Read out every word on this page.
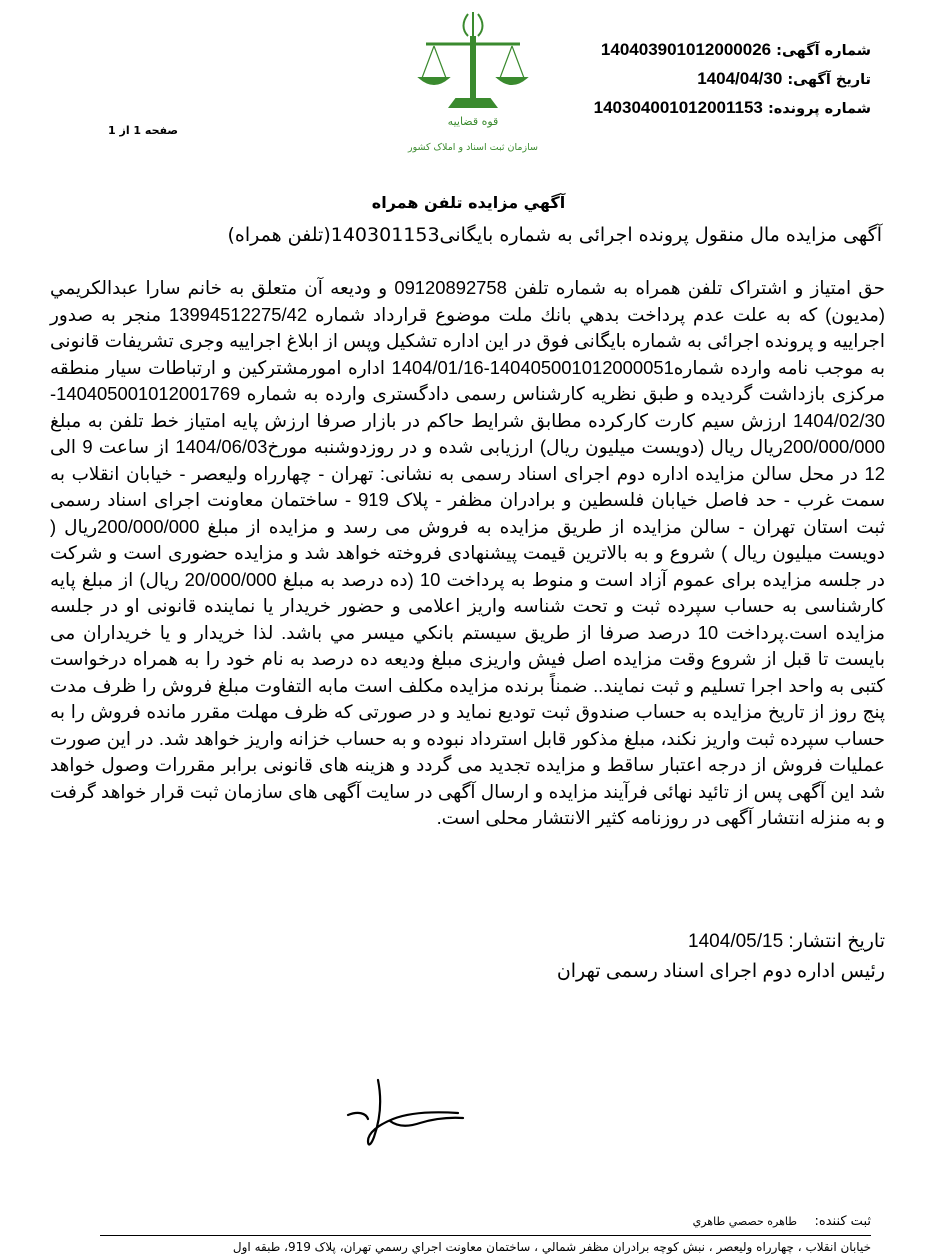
شماره آگهی: 140403901012000026
تاریخ آگهی: 1404/04/30
شماره پرونده: 140304001012001153
صفحه 1 از 1
قوه قضاییه
سازمان ثبت اسناد و املاک کشور
آگهي مزايده تلفن همراه
آگهی مزایده مال منقول پرونده اجرائی به شماره بایگانی140301153(تلفن همراه)
حق امتیاز و اشتراک تلفن همراه به شماره تلفن 09120892758 و ودیعه آن متعلق به خانم سارا عبدالکريمي (مدیون) که به علت عدم پرداخت بدهي بانك ملت موضوع قرارداد شماره 13994512275/42 منجر به صدور اجراییه و پرونده اجرائی به شماره بایگانی فوق در این اداره تشکیل وپس از ابلاغ اجراییه وجری تشریفات قانونی به موجب نامه وارده شماره140405001012000051-1404/01/16 اداره امورمشترکین و ارتباطات سیار منطقه مرکزی بازداشت گردیده و طبق نظریه کارشناس رسمی دادگستری وارده به شماره 140405001012001769-1404/02/30 ارزش سیم کارت کارکرده مطابق شرایط حاکم در بازار صرفا ارزش پایه امتیاز خط تلفن به مبلغ 200/000/000ریال ریال (دویست میلیون ریال) ارزیابی شده و در روزدوشنبه مورخ1404/06/03 از ساعت 9 الی 12 در محل سالن مزایده اداره دوم اجرای اسناد رسمی به نشانی: تهران - چهارراه ولیعصر - خیابان انقلاب به سمت غرب - حد فاصل خیابان فلسطین و برادران مظفر - پلاک 919 - ساختمان معاونت اجرای اسناد رسمی ثبت استان تهران - سالن مزایده از طریق مزایده به فروش می رسد و مزایده از مبلغ 200/000/000ریال ( دویست میلیون ریال ) شروع و به بالاترین قیمت پیشنهادی فروخته خواهد شد و مزایده حضوری است و شرکت در جلسه مزایده برای عموم آزاد است و منوط به پرداخت 10 (ده درصد به مبلغ 20/000/000 ریال) از مبلغ پایه کارشناسی به حساب سپرده ثبت و تحت شناسه واریز اعلامی و حضور خریدار یا نماینده قانونی او در جلسه مزایده است.پرداخت 10 درصد صرفا از طریق سیستم بانکي میسر مي باشد. لذا خریدار و یا خریداران می بایست تا قبل از شروع وقت مزایده اصل فیش واریزی مبلغ ودیعه ده درصد به نام خود را به همراه درخواست کتبی به واحد اجرا تسلیم و ثبت نمایند.. ضمناً برنده مزایده مکلف است مابه التفاوت مبلغ فروش را ظرف مدت پنج روز از تاریخ مزایده به حساب صندوق ثبت تودیع نماید و در صورتی که ظرف مهلت مقرر مانده فروش را به حساب سپرده ثبت واریز نکند، مبلغ مذکور قابل استرداد نبوده و به حساب خزانه واریز خواهد شد. در این صورت عملیات فروش از درجه اعتبار ساقط و مزایده تجدید می گردد و هزینه های قانونی برابر مقررات وصول خواهد شد این آگهی پس از تائید نهائی فرآیند مزایده و ارسال آگهی در سایت آگهی های سازمان ثبت قرار خواهد گرفت و به منزله انتشار آگهی در روزنامه کثیر الانتشار محلی است.
تاریخ انتشار: 1404/05/15
رئیس اداره دوم اجرای اسناد رسمی تهران
ثبت کننده: طاهره حصصي طاهري
خيابان انقلاب ، چهارراه وليعصر ، نبش كوچه برادران مظفر شمالي ، ساختمان معاونت اجراي رسمي تهران، پلاک 919، طبقه اول
